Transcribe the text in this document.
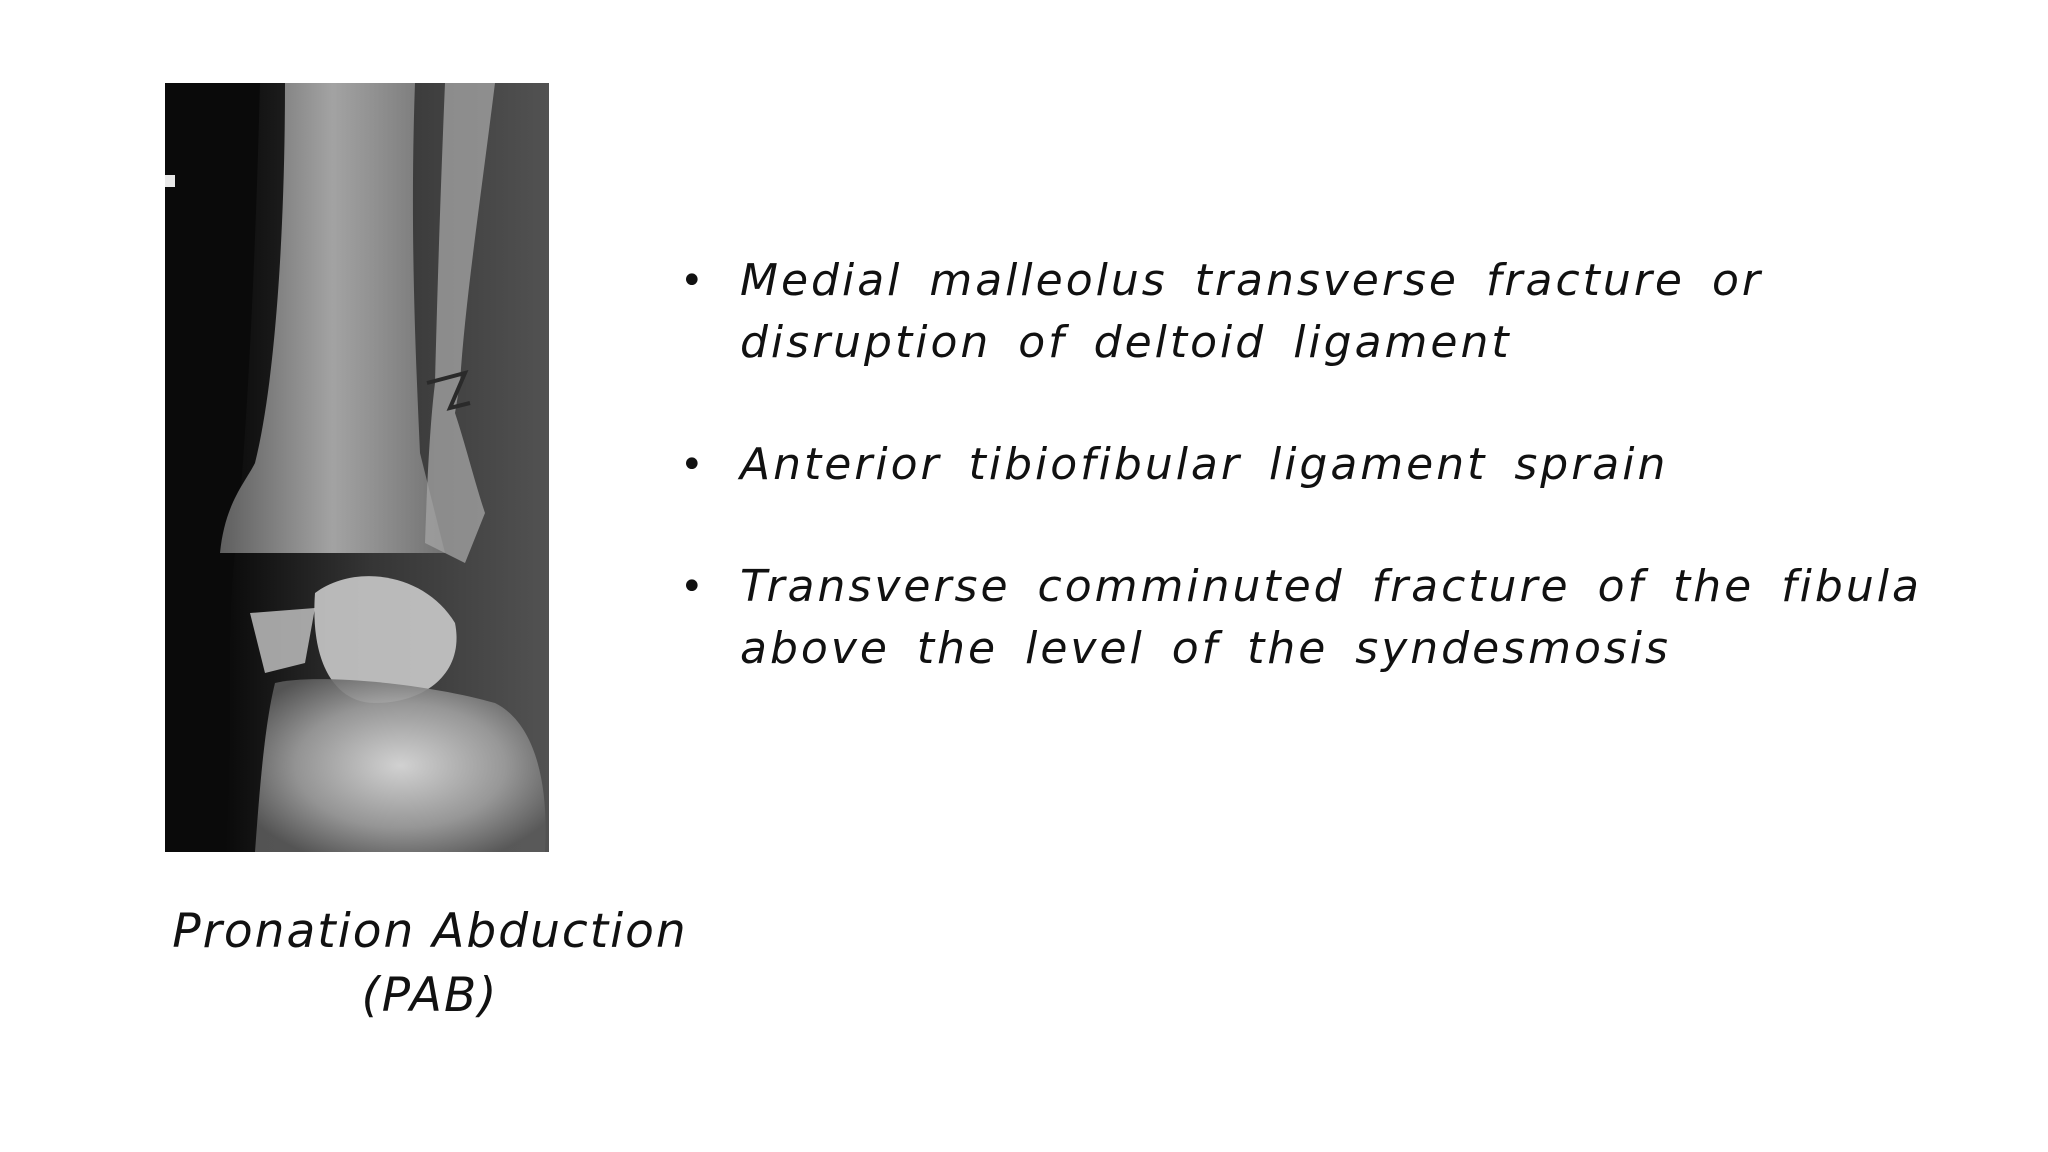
Pronation Abduction
(PAB)
• Medial malleolus transverse fracture or disruption of deltoid ligament
• Anterior tibiofibular ligament sprain
• Transverse comminuted fracture of the fibula above the level of the syndesmosis
